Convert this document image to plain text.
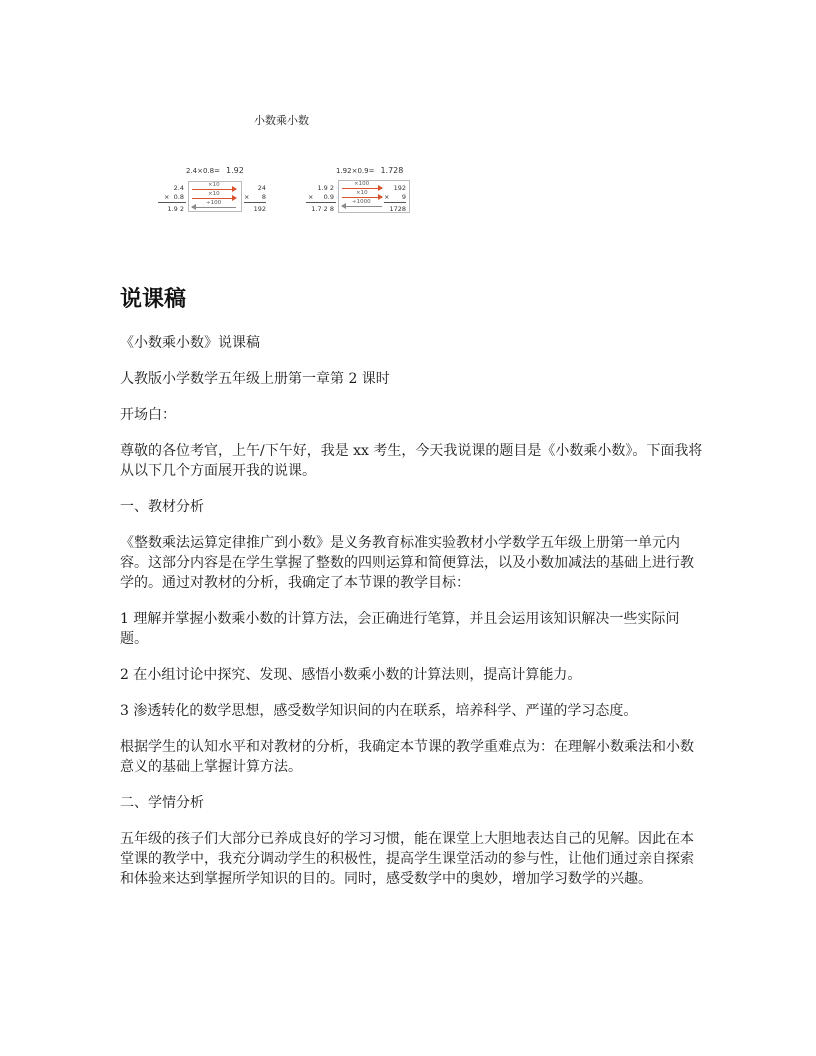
小数乘小数
2.4×0.8= 1.92
2.4
× 0.8
1.9 2
×10
×10
÷100
24
× 8
192
1.92×0.9= 1.728
1.9 2
× 0.9
1.7 2 8
×100
×10
÷1000
192
× 9
1728
说课稿

《小数乘小数》说课稿

人教版小学数学五年级上册第一章第 2 课时

开场白：

尊敬的各位考官，上午/下午好，我是 xx 考生，今天我说课的题目是《小数乘小数》。下面我将从以下几个方面展开我的说课。

一、教材分析

《整数乘法运算定律推广到小数》是义务教育标准实验教材小学数学五年级上册第一单元内容。这部分内容是在学生掌握了整数的四则运算和简便算法，以及小数加减法的基础上进行教学的。通过对教材的分析，我确定了本节课的教学目标：

1 理解并掌握小数乘小数的计算方法，会正确进行笔算，并且会运用该知识解决一些实际问题。

2 在小组讨论中探究、发现、感悟小数乘小数的计算法则，提高计算能力。

3 渗透转化的数学思想，感受数学知识间的内在联系，培养科学、严谨的学习态度。

根据学生的认知水平和对教材的分析，我确定本节课的教学重难点为：在理解小数乘法和小数意义的基础上掌握计算方法。

二、学情分析

五年级的孩子们大部分已养成良好的学习习惯，能在课堂上大胆地表达自己的见解。因此在本堂课的教学中，我充分调动学生的积极性，提高学生课堂活动的参与性，让他们通过亲自探索和体验来达到掌握所学知识的目的。同时，感受数学中的奥妙，增加学习数学的兴趣。
